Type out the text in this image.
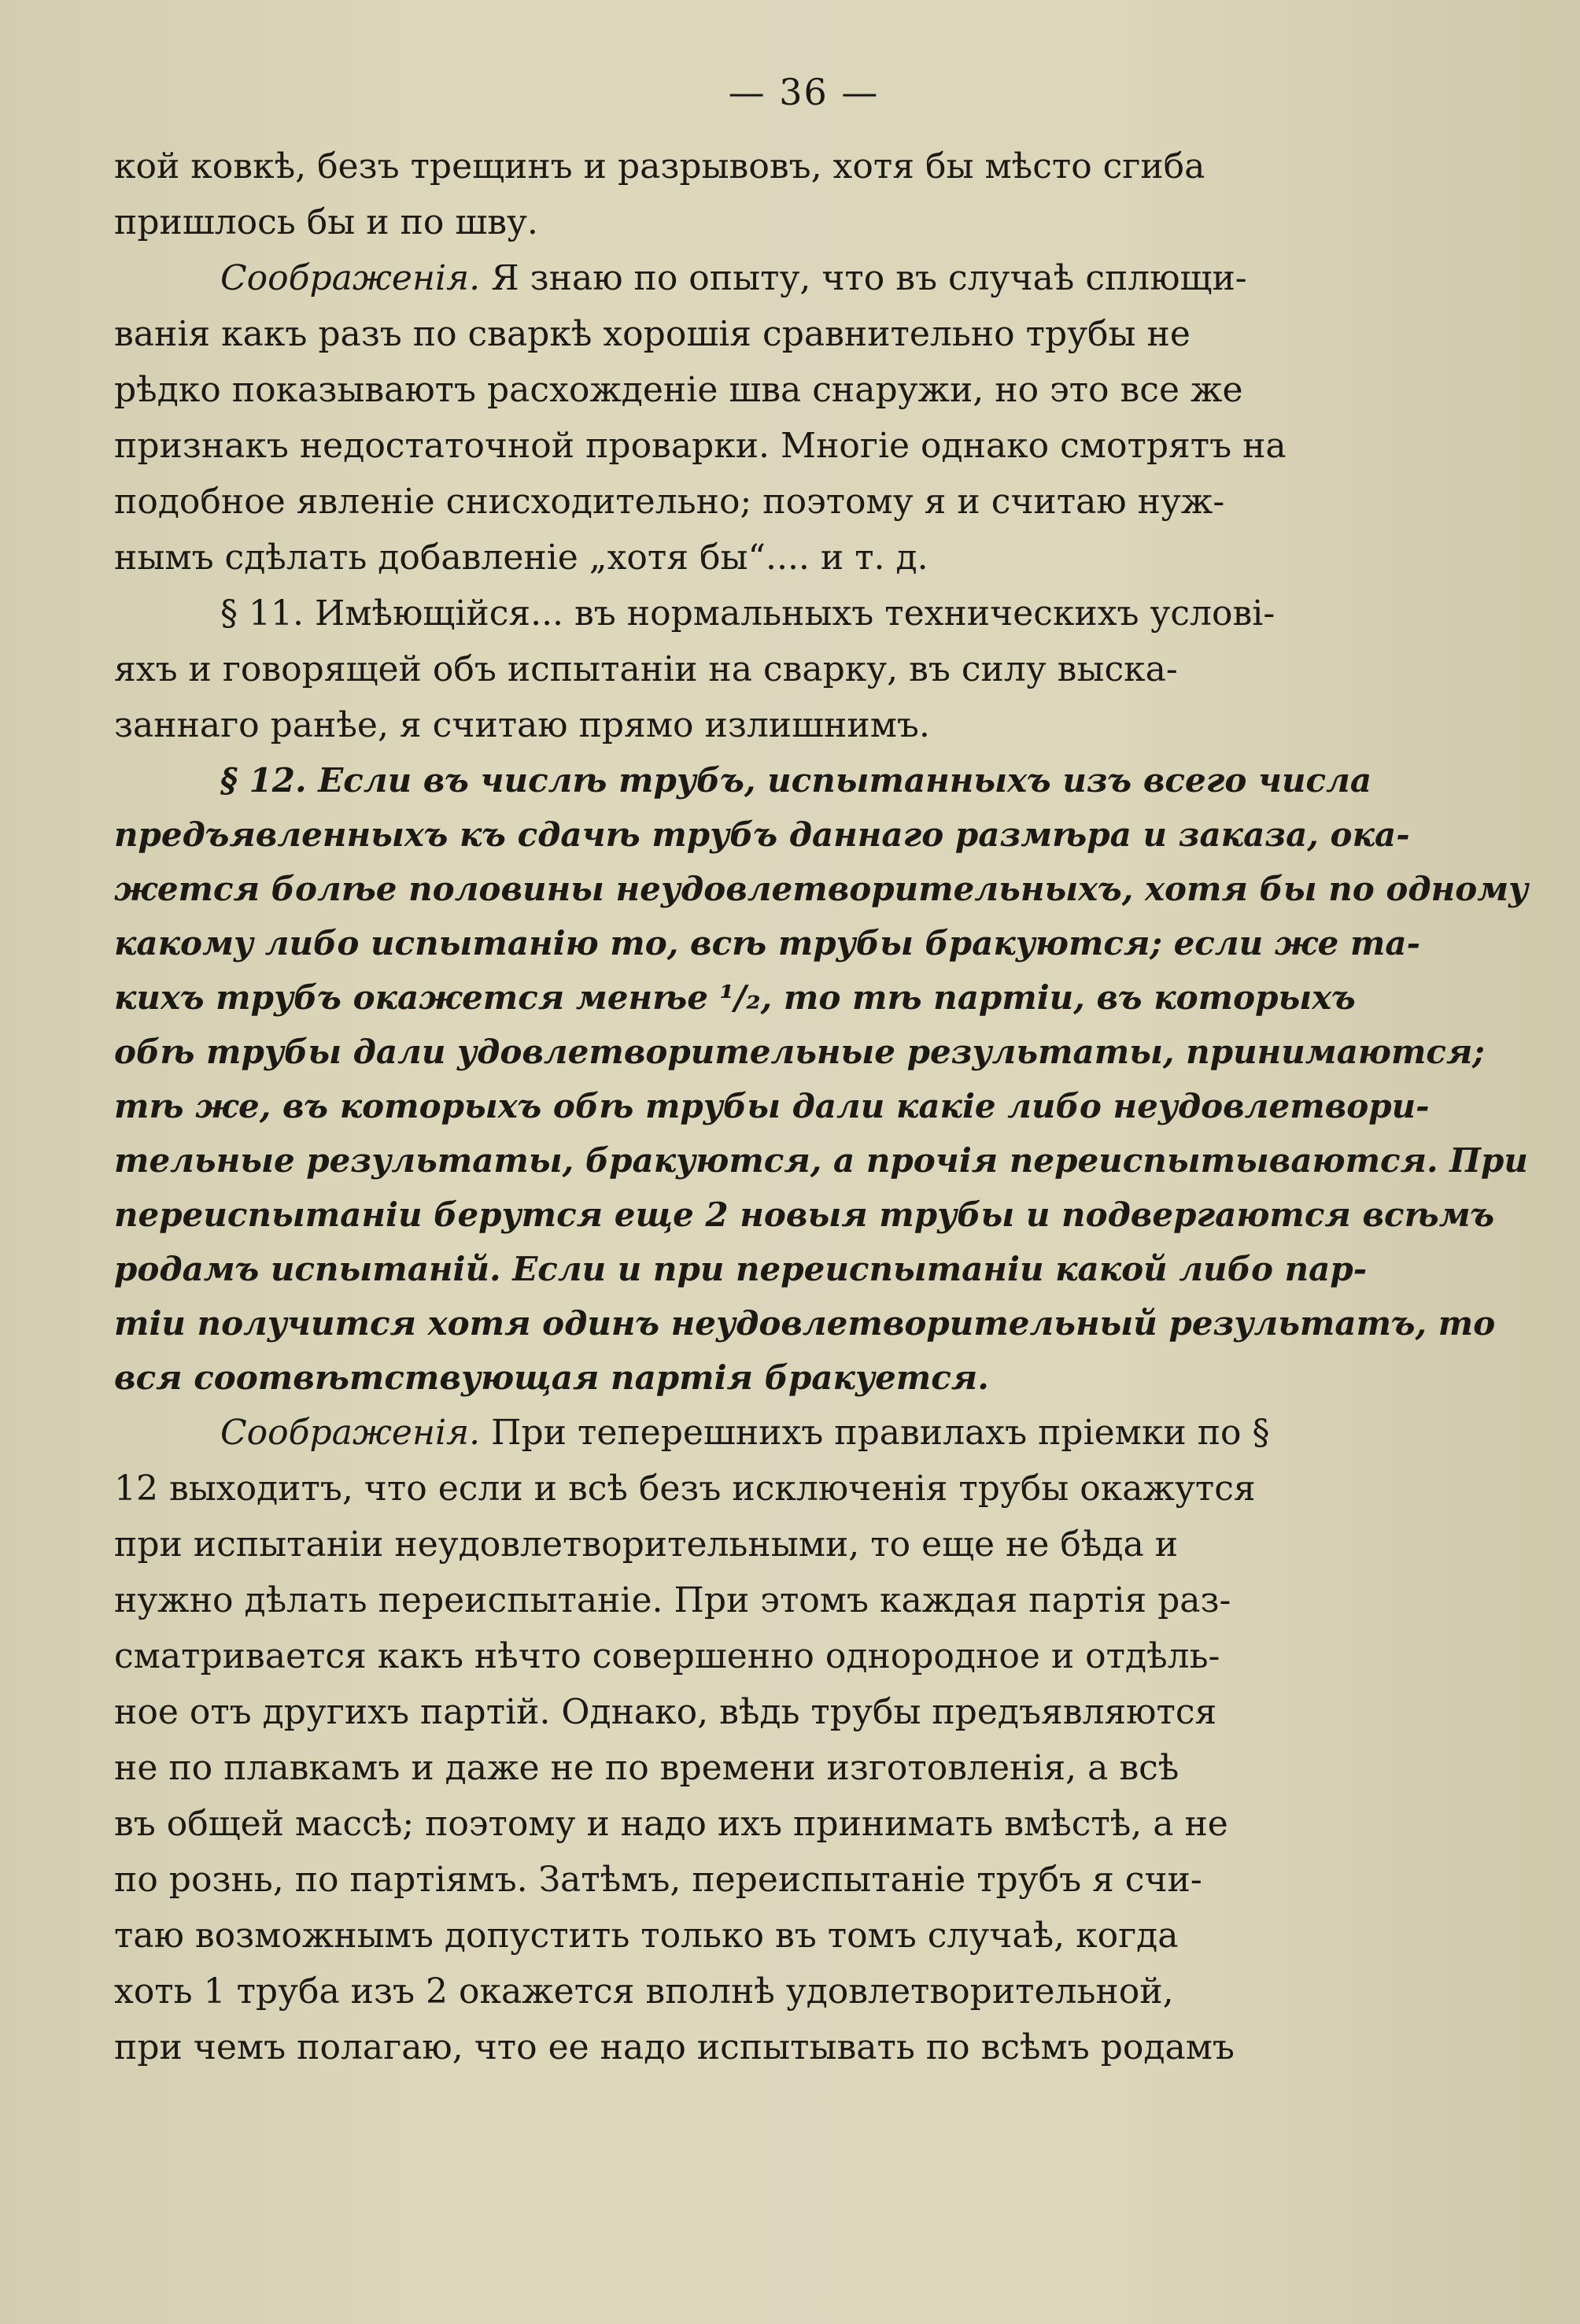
— 36 —

кой ковкѣ, безъ трещинъ и разрывовъ, хотя бы мѣсто сгиба
пришлось бы и по шву.

Соображенія. Я знаю по опыту, что въ случаѣ сплющи-
ванія какъ разъ по сваркѣ хорошія сравнительно трубы не
рѣдко показываютъ расхожденіе шва снаружи, но это все же
признакъ недостаточной проварки. Многіе однако смотрятъ на
подобное явленіе снисходительно; поэтому я и считаю нуж-
нымъ сдѣлать добавленіе „хотя бы“.... и т. д.

§ 11. Имѣющійся... въ нормальныхъ техническихъ услові-
яхъ и говорящей объ испытаніи на сварку, въ силу выска-
заннаго ранѣе, я считаю прямо излишнимъ.

§ 12. Если въ числѣ трубъ, испытанныхъ изъ всего числа
предъявленныхъ къ сдачѣ трубъ даннаго размѣра и заказа, ока-
жется болѣе половины неудовлетворительныхъ, хотя бы по одному
какому либо испытанію то, всѣ трубы бракуются; если же та-
кихъ трубъ окажется менѣе ¹/₂, то тѣ партіи, въ которыхъ
обѣ трубы дали удовлетворительные результаты, принимаются;
тѣ же, въ которыхъ обѣ трубы дали какіе либо неудовлетвори-
тельные результаты, бракуются, а прочія переиспытываются. При
переиспытаніи берутся еще 2 новыя трубы и подвергаются всѣмъ
родамъ испытаній. Если и при переиспытаніи какой либо пар-
тіи получится хотя одинъ неудовлетворительный результатъ, то
вся соотвѣтствующая партія бракуется.

Соображенія. При теперешнихъ правилахъ пріемки по §
12 выходитъ, что если и всѣ безъ исключенія трубы окажутся
при испытаніи неудовлетворительными, то еще не бѣда и
нужно дѣлать переиспытаніе. При этомъ каждая партія раз-
сматривается какъ нѣчто совершенно однородное и отдѣль-
ное отъ другихъ партій. Однако, вѣдь трубы предъявляются
не по плавкамъ и даже не по времени изготовленія, а всѣ
въ общей массѣ; поэтому и надо ихъ принимать вмѣстѣ, а не
по рознь, по партіямъ. Затѣмъ, переиспытаніе трубъ я счи-
таю возможнымъ допустить только въ томъ случаѣ, когда
хоть 1 труба изъ 2 окажется вполнѣ удовлетворительной,
при чемъ полагаю, что ее надо испытывать по всѣмъ родамъ
